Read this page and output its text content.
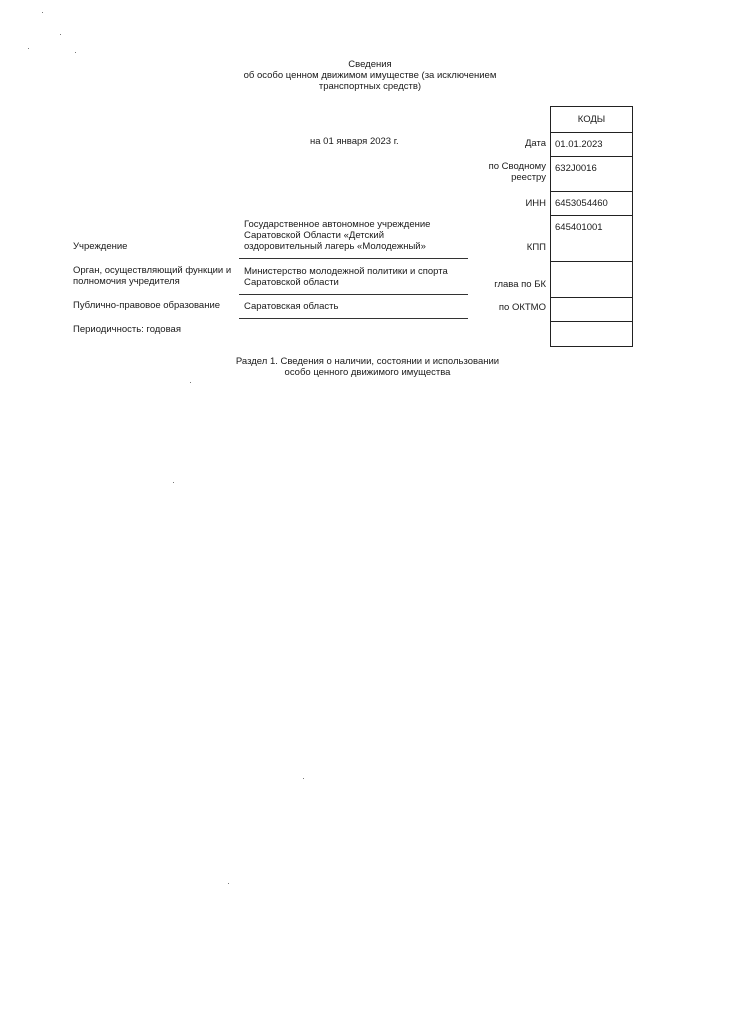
Сведения
об особо ценном движимом имуществе (за исключением
транспортных средств)
на 01 января 2023 г.	Дата
по Сводному
реестру
ИНН
КПП
глава по БК
по ОКТМО
КОДЫ
01.01.2023
632J0016
6453054460
645401001
Учреждение
Государственное автономное учреждение
Саратовской Области «Детский
оздоровительный лагерь «Молодежный»
Орган, осуществляющий функции и
полномочия учредителя
Министерство молодежной политики и спорта
Саратовской области
Публично-правовое образование	Саратовская область
Периодичность: годовая
Раздел 1. Сведения о наличии, состоянии и использовании
особо ценного движимого имущества
